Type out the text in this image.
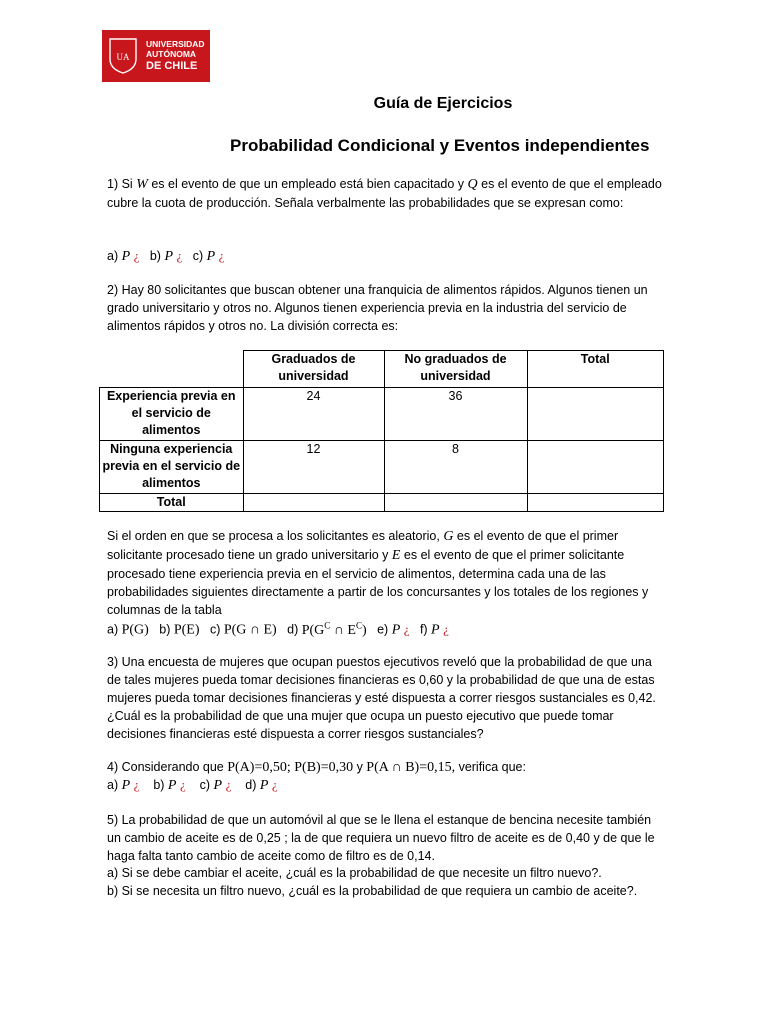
UA
UNIVERSIDAD
AUTÓNOMA
DE CHILE
Guía de Ejercicios
Probabilidad Condicional y Eventos independientes
1) Si W es el evento de que un empleado está bien capacitado y Q es el evento de que el empleado cubre la cuota de producción. Señala verbalmente las probabilidades que se expresan como:
a) P ¿ b) P ¿ c) P ¿
2) Hay 80 solicitantes que buscan obtener una franquicia de alimentos rápidos. Algunos tienen un grado universitario y otros no. Algunos tienen experiencia previa en la industria del servicio de alimentos rápidos y otros no. La división correcta es:
	Graduados de universidad	No graduados de universidad	Total
Experiencia previa en el servicio de alimentos	24	36	
Ninguna experiencia previa en el servicio de alimentos	12	8	
Total			
Si el orden en que se procesa a los solicitantes es aleatorio, G es el evento de que el primer solicitante procesado tiene un grado universitario y E es el evento de que el primer solicitante procesado tiene experiencia previa en el servicio de alimentos, determina cada una de las probabilidades siguientes directamente a partir de los concursantes y los totales de los regiones y columnas de la tabla
a) P(G) b) P(E) c) P(G ∩ E) d) $P(G^C$ ∩ $E^C$) e) P ¿ f) P ¿
3) Una encuesta de mujeres que ocupan puestos ejecutivos reveló que la probabilidad de que una de tales mujeres pueda tomar decisiones financieras es 0,60 y la probabilidad de que una de estas mujeres pueda tomar decisiones financieras y esté dispuesta a correr riesgos sustanciales es 0,42. ¿Cuál es la probabilidad de que una mujer que ocupa un puesto ejecutivo que puede tomar decisiones financieras esté dispuesta a correr riesgos sustanciales?
4) Considerando que P(A)=0,50; P(B)=0,30 y P(A ∩ B)=0,15, verifica que:
a) P ¿ b) P ¿ c) P ¿ d) P ¿
5) La probabilidad de que un automóvil al que se le llena el estanque de bencina necesite también un cambio de aceite es de 0,25 ; la de que requiera un nuevo filtro de aceite es de 0,40 y de que le haga falta tanto cambio de aceite como de filtro es de 0,14.
a) Si se debe cambiar el aceite, ¿cuál es la probabilidad de que necesite un filtro nuevo?.
b) Si se necesita un filtro nuevo, ¿cuál es la probabilidad de que requiera un cambio de aceite?.
